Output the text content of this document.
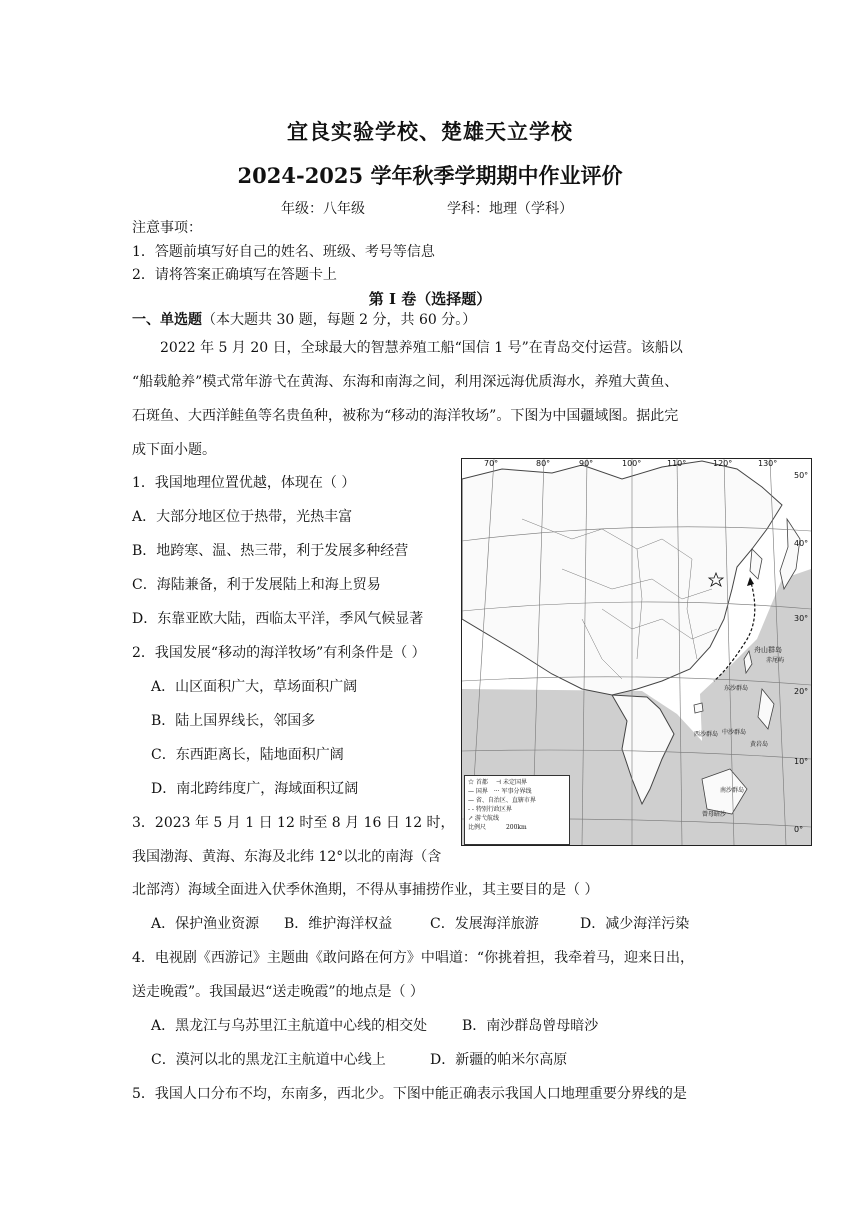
宜良实验学校、楚雄天立学校
2024-2025 学年秋季学期期中作业评价
年级：八年级	学科：地理（学科）
注意事项：
1．答题前填写好自己的姓名、班级、考号等信息
2．请将答案正确填写在答题卡上
第 I 卷（选择题）
一、单选题（本大题共 30 题，每题 2 分，共 60 分。）
2022 年 5 月 20 日，全球最大的智慧养殖工船“国信 1 号”在青岛交付运营。该船以
“船载舱养”模式常年游弋在黄海、东海和南海之间，利用深远海优质海水，养殖大黄鱼、
石斑鱼、大西洋鲑鱼等名贵鱼种，被称为“移动的海洋牧场”。下图为中国疆域图。据此完
成下面小题。
1．我国地理位置优越，体现在（ ）
A．大部分地区位于热带，光热丰富
B．地跨寒、温、热三带，利于发展多种经营
C．海陆兼备，利于发展陆上和海上贸易
D．东靠亚欧大陆，西临太平洋，季风气候显著
2．我国发展“移动的海洋牧场”有利条件是（ ）
A．山区面积广大，草场面积广阔
B．陆上国界线长，邻国多
C．东西距离长，陆地面积广阔
D．南北跨纬度广，海域面积辽阔
3．2023 年 5 月 1 日 12 时至 8 月 16 日 12 时，
我国渤海、黄海、东海及北纬 12°以北的南海（含
北部湾）海域全面进入伏季休渔期，不得从事捕捞作业，其主要目的是（ ）
A．保护渔业资源 B．维护海洋权益	C．发展海洋旅游	D．减少海洋污染
4．电视剧《西游记》主题曲《敢问路在何方》中唱道：“你挑着担，我牵着马，迎来日出，
送走晚霞”。我国最迟“送走晚霞”的地点是（ ）
A．黑龙江与乌苏里江主航道中心线的相交处 B．南沙群岛曾母暗沙
C．漠河以北的黑龙江主航道中心线上	D．新疆的帕米尔高原
5．我国人口分布不均，东南多，西北少。下图中能正确表示我国人口地理重要分界线的是
70°	80°	90°	100°	110°	120°	130°
50°
40°
30°
20°
10°
0°
舟山群岛
赤尾屿
东沙群岛
西沙群岛 中沙群岛
黄岩岛
南沙群岛
曾母暗沙
☆ 首都 ⊣ 未定国界
— 国界 ··· 军事分界线
— 省、自治区、直辖市界
- - 特别行政区界
↗ 游弋航线
比例尺	200km
